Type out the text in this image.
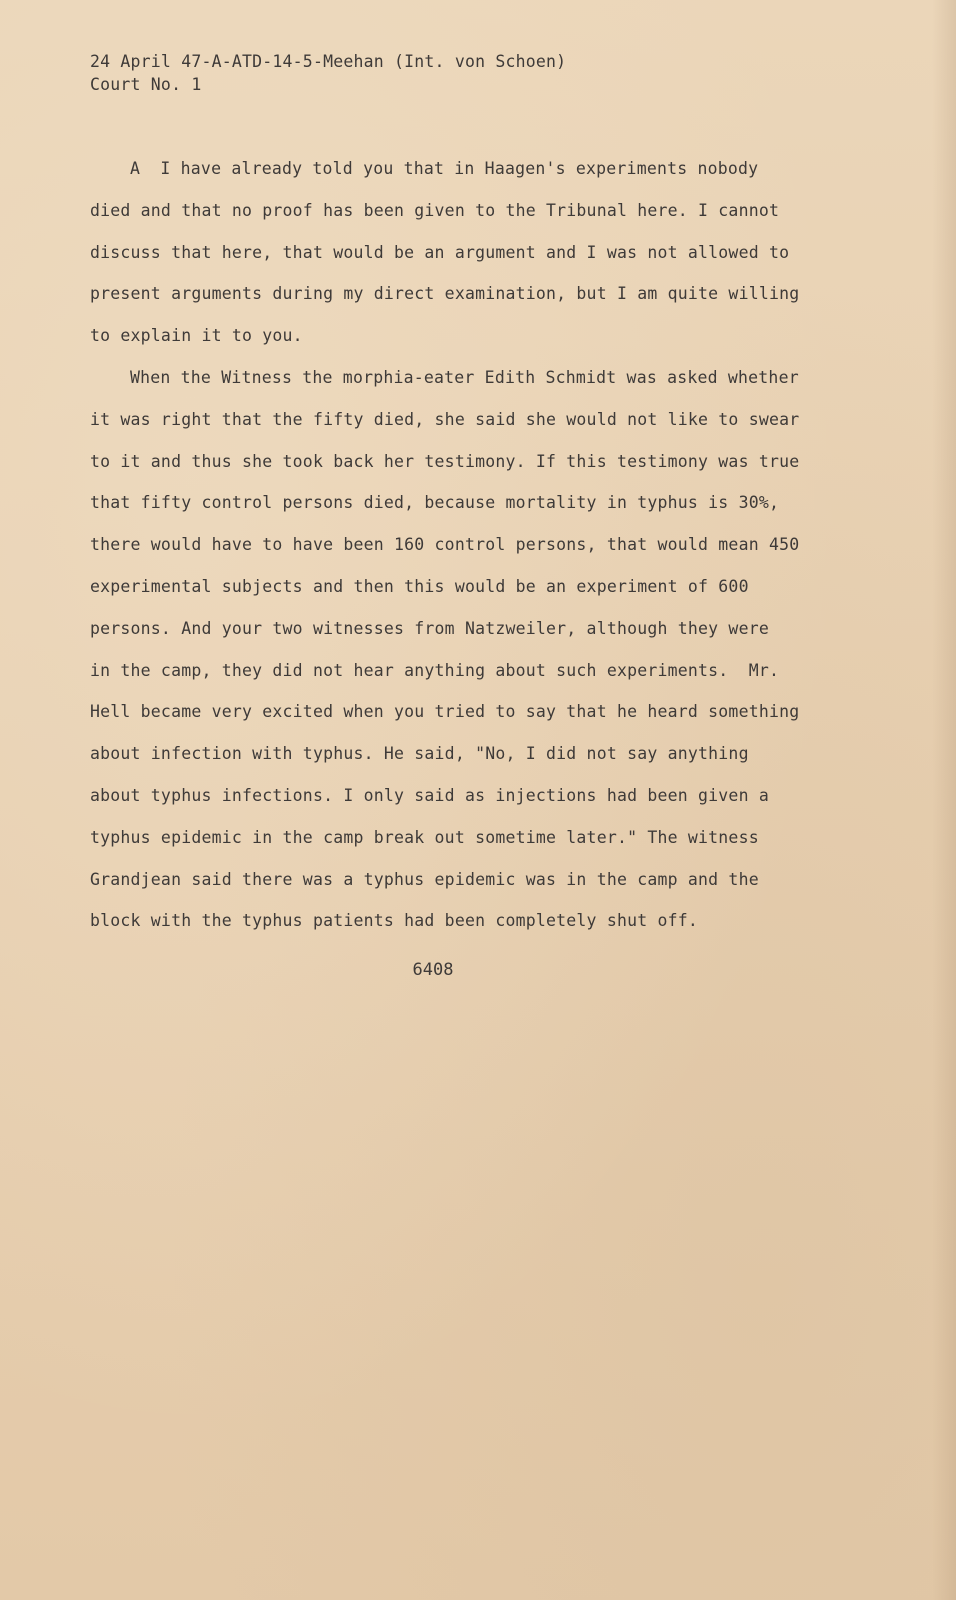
24 April 47-A-ATD-14-5-Meehan (Int. von Schoen)
Court No. 1
A  I have already told you that in Haagen's experiments nobody
died and that no proof has been given to the Tribunal here. I cannot
discuss that here, that would be an argument and I was not allowed to
present arguments during my direct examination, but I am quite willing
to explain it to you.
When the Witness the morphia-eater Edith Schmidt was asked whether
it was right that the fifty died, she said she would not like to swear
to it and thus she took back her testimony. If this testimony was true
that fifty control persons died, because mortality in typhus is 30%,
there would have to have been 160 control persons, that would mean 450
experimental subjects and then this would be an experiment of 600
persons. And your two witnesses from Natzweiler, although they were
in the camp, they did not hear anything about such experiments.  Mr.
Hell became very excited when you tried to say that he heard something
about infection with typhus. He said, "No, I did not say anything
about typhus infections. I only said as injections had been given a
typhus epidemic in the camp break out sometime later." The witness
Grandjean said there was a typhus epidemic was in the camp and the
block with the typhus patients had been completely shut off.
6408
